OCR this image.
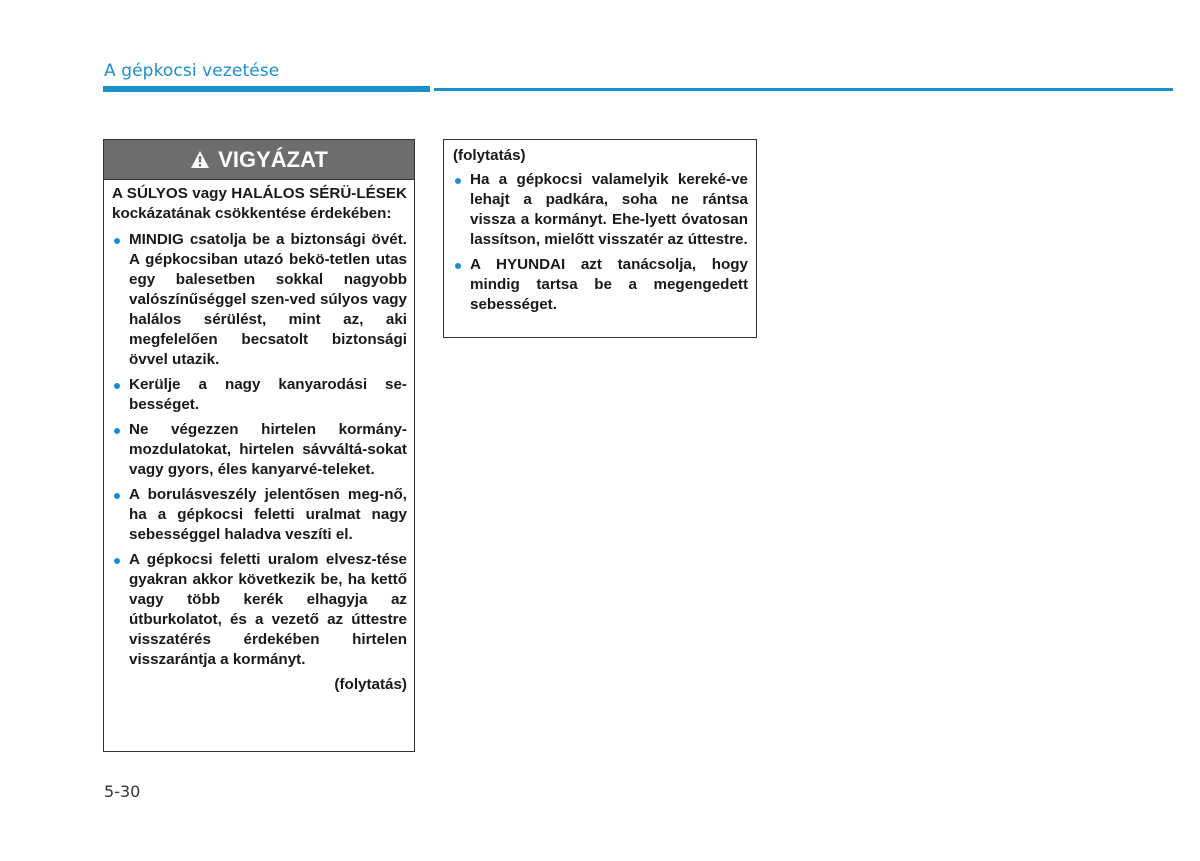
A gépkocsi vezetése
VIGYÁZAT

A SÚLYOS vagy HALÁLOS SÉRÜ-LÉSEK kockázatának csökkentése érdekében:

MINDIG csatolja be a biztonsági övét. A gépkocsiban utazó bekö-tetlen utas egy balesetben sokkal nagyobb valószínűséggel szen-ved súlyos vagy halálos sérülést, mint az, aki megfelelően becsatolt biztonsági övvel utazik.
Kerülje a nagy kanyarodási se-bességet.
Ne végezzen hirtelen kormány-mozdulatokat, hirtelen sávváltá-sokat vagy gyors, éles kanyarvé-teleket.
A borulásveszély jelentősen meg-nő, ha a gépkocsi feletti uralmat nagy sebességgel haladva veszíti el.
A gépkocsi feletti uralom elvesz-tése gyakran akkor következik be, ha kettő vagy több kerék elhagyja az útburkolatot, és a vezető az úttestre visszatérés érdekében hirtelen visszarántja a kormányt.
(folytatás)

(folytatás)

Ha a gépkocsi valamelyik kereké-ve lehajt a padkára, soha ne rántsa vissza a kormányt. Ehe-lyett óvatosan lassítson, mielőtt visszatér az úttestre.
A HYUNDAI azt tanácsolja, hogy mindig tartsa be a megengedett sebességet.
5-30
